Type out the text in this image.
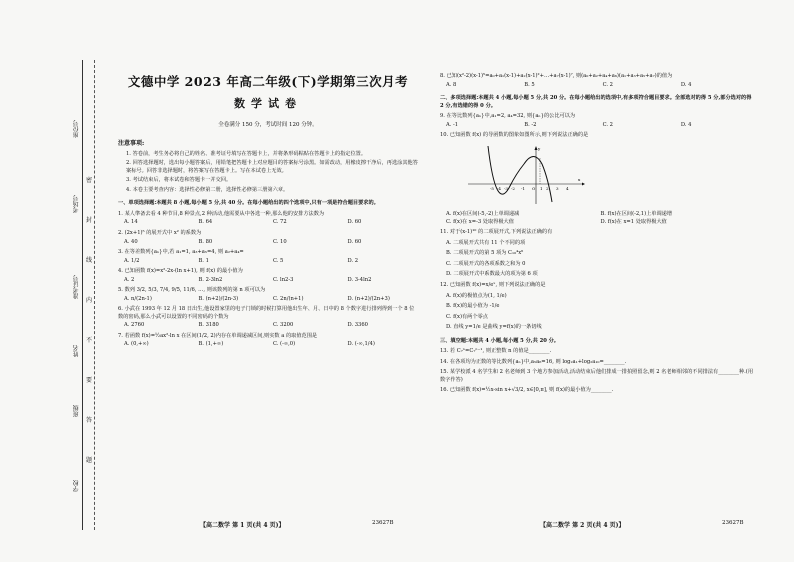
座位号
考场号
准考证号
姓名
班级
学校
密
封
线
内
不
要
答
题
文德中学 2023 年高二年级(下)学期第三次月考
数学试卷
全卷满分 150 分，考试时间 120 分钟。
注意事项:

1. 答卷前，考生务必将自己的姓名、准考证号填写在答题卡上，并将条形码粘贴在答题卡上的指定位置。

2. 回答选择题时，选出每小题答案后，用铅笔把答题卡上对应题目的答案标号涂黑。如需改动，用橡皮擦干净后，再选涂其他答案标号。回答非选择题时，将答案写在答题卡上。写在本试卷上无效。

3. 考试结束后，将本试卷和答题卡一并交回。

4. 本卷主要考查内容：选择性必修第二册，选择性必修第三册第六章。

一、单项选择题:本题共 8 小题,每小题 5 分,共 40 分。在每小题给出的四个选项中,只有一项是符合题目要求的。
1. 某人準备去看 4 种节目,8 种景点,2 种活动,他需要从中各选一种,那么他的安排方法数为
A. 14	B. 64	C. 72	D. 60
2. (2x+1)⁵ 的展开式中 x² 的系数为
A. 40	B. 80	C. 10	D. 60
3. 在等差数列{aₙ}中,若 a₁=1, a₃+a₅=4, 则 a₂+a₄=
A. 1/2	B. 1	C. 5	D. 2
4. 已知函数 f(x)=x²-2x-(ln x+1), 则 f(x) 的最小值为
A. 2	B. 2-3ln2	C. ln2-3	D. 3-4ln2
5. 数列 3/2, 5/3, 7/4, 9/5, 11/6, …, 则该数列的第 n 项可以为
A. n/(2n-1)	B. (n+2)/(2n-3)	C. 2n/(n+1)	D. (n+2)/(2n+3)
6. 小武在 1993 年 12 月 18 日出生,他设置家里的电子门锁的时候打算用他出生年、月、日中的 8 个数字进行排列得到一个 8 位数的密码,那么小武可以设置的不同密码的个数为
A. 2760	B. 3180	C. 3200	D. 3360
7. 若函数 f(x)=½ax²-ln x 在区间(1/2, 2)内存在单调递减区间,则实数 a 的取值范围是
A. (0,+∞)	B. (1,+∞)	C. (-∞,0)	D. (-∞,1/4)
8. 已知(x²-2)(x-1)⁵=a₀+a₁(x-1)+a₂(x-1)²+…+a₇(x-1)⁷, 则(a₀+a₂+a₄+a₆)(a₁+a₃+a₅+a₇)的值为
A. 8	B. 5	C. 2	D. 4
二、多项选择题:本题共 4 小题,每小题 5 分,共 20 分。在每小题给出的选项中,有多项符合题目要求。全部选对的得 5 分,部分选对的得 2 分,有选错的得 0 分。
9. 在等比数列{aₙ}中,a₁=2, a₄=32, 则{aₙ}的公比可以为
A. -1	B. -2	C. 2	D. 4
10. 已知函数 f(x) 的导函数的图象如图所示,则下列说法正确的是
-5 -4 -3 -2 -1 O 1 2 3 4
x
y
A. f(x)在区间(-5,-2)上单调递减	B. f(x)在区间(-2,1)上单调递增
C. f(x)在 x=-3 处取得极大值	D. f(x)在 x=1 处取得极大值
11. 对于(x-1)¹⁰ 的二项展开式,下列说法正确的有
A. 二项展开式共有 11 个不同的项
B. 二项展开式的第 5 项为 C₁₀⁴x⁶
C. 二项展开式的各项系数之和为 0
D. 二项展开式中系数最大的项为第 6 项
12. 已知函数 f(x)=x/eˣ, 则下列说法正确的是
A. f(x)的极值点为(1, 1/e)
B. f(x)的最小值为 -1/e
C. f(x)有两个零点
D. 直线 y=1/e 是曲线 y=f(x)的一条切线
三、填空题:本题共 4 小题,每小题 5 分,共 20 分。
13. 若 C₇ⁿ=C₇ⁿ⁻¹, 则正整数 n 的值是________.
14. 在各项均为正数的等比数列{aₙ}中,a₅a₆=16, 则 log₂a₁+log₂a₁₀=________.
15. 某学校派 4 名学生和 2 名老师到 3 个地方参加活动,活动结束后他们排成一排拍照留念,则 2 名老师相邻的不同排法有________种.(用数字作答)
16. 已知函数 f(x)=½x-sin x+√3/2, x∈[0,π], 则 f(x)的最小值为________.
【高二数学 第 1 页(共 4 页)】	23627B	【高二数学 第 2 页(共 4 页)】	23627B
